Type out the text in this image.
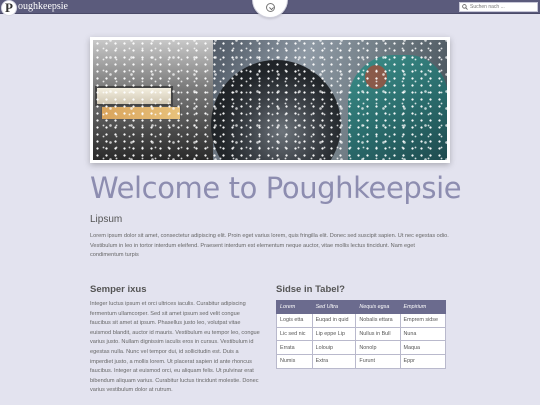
P oughkeepsie
Suchen nach ...
Welcome to Poughkeepsie
Lipsum

Lorem ipsum dolor sit amet, consectetur adipiscing elit. Proin eget varius lorem, quis fringilla elit. Donec sed suscipit sapien. Ut nec egestas odio. Vestibulum in leo in tortor interdum eleifend. Praesent interdum est elementum neque auctor, vitae mollis lectus tincidunt. Nam eget condimentum turpis

Semper ixus

Integer luctus ipsum et orci ultrices iaculis. Curabitur adipiscing fermentum ullamcorper. Sed sit amet ipsum sed velit congue faucibus sit amet at ipsum. Phasellus justo leo, volutpat vitae euismod blandit, auctor id mauris. Vestibulum eu tempor leo, congue varius justo. Nullam dignissim iaculis eros in cursus. Vestibulum id egestas nulla. Nunc vel tempor dui, id sollicitudin est. Duis a imperdiet justo, a mollis lorem. Ut placerat sapien id ante rhoncus faucibus. Integer at euismod orci, eu aliquam felis. Ut pulvinar erat bibendum aliquam varius. Curabitur luctus tincidunt molestie. Donec varius vestibulum dolor at rutrum.

Sidse in Tabel?
Lorem	Sed Ultra	Nequis egsa	Empirium
Logis etta	Euqad in quid	Nobalis ettara	Emprem sidse
Lic sed nic	Lip eppe Lip	Nullus in Bull	Nuna
Errata	Lolouip	Nonolp	Maqua
Numis	Extra	Furunt	Eppr
